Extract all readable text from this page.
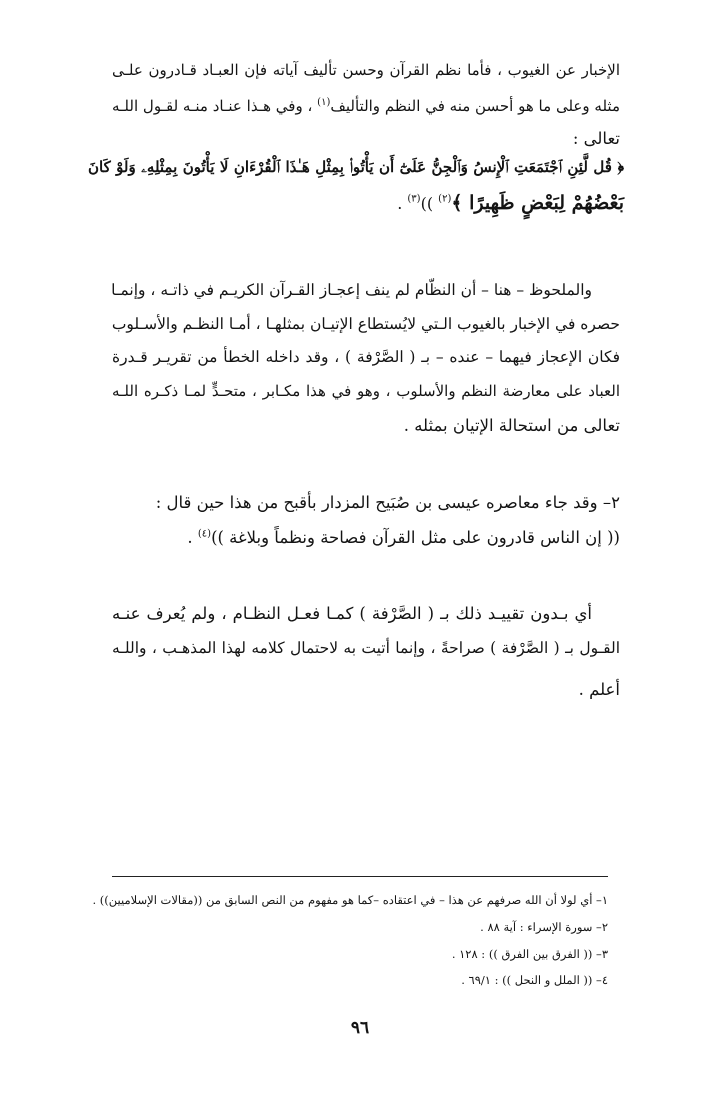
الإخبار عن الغيوب ، فأما نظم القرآن وحسن تأليف آياته فإن العبـاد قـادرون علـى
مثله وعلى ما هو أحسن منه في النظم والتأليف$^{(١)}$ ، وفي هـذا عنـاد منـه لقـول اللـه
تعالى :
﴿ قُل لَّئِنِ ٱجْتَمَعَتِ ٱلْإِنسُ وَٱلْجِنُّ عَلَىٰٓ أَن يَأْتُوا۟ بِمِثْلِ هَـٰذَا ٱلْقُرْءَانِ لَا يَأْتُونَ بِمِثْلِهِۦ وَلَوْ كَانَ
بَعْضُهُمْ لِبَعْضٍ ظَهِيرًا ﴾$^{(٢)}$ ))$^{(٣)}$ .
والملحوظ – هنا – أن النظّام لم ينف إعجـاز القـرآن الكريـم في ذاتـه ، وإنمـا
حصره في الإخبار بالغيوب الـتي لايُستطاع الإتيـان بمثلهـا ، أمـا النظـم والأسـلوب
فكان الإعجاز فيهما – عنده – بـ ( الصَّرْفة ) ، وقد داخله الخطأ من تقريـر قـدرة
العباد على معارضة النظم والأسلوب ، وهو في هذا مكـابر ، متحـدٍّ لمـا ذكـره اللـه
تعالى من استحالة الإتيان بمثله .
٢– وقد جاء معاصره عيسى بن صُبَيح المزدار بأقبح من هذا حين قال :
(( إن الناس قادرون على مثل القرآن فصاحة ونظماً وبلاغة ))$^{(٤)}$ .
أي بـدون تقييـد ذلك بـ ( الصَّرْفة ) كمـا فعـل النظـام ، ولم يُعرف عنـه
القـول بـ ( الصَّرْفة ) صراحةً ، وإنما أتيت به لاحتمال كلامه لهذا المذهـب ، واللـه
أعلم .
١– أي لولا أن الله صرفهم عن هذا – في اعتقاده –كما هو مفهوم من النص السابق من ((مقالات الإسلاميين)) .
٢– سورة الإسراء : آية ٨٨ .
٣– (( الفرق بين الفرق )) : ١٢٨ .
٤– (( الملل و النحل )) : ٦٩/١ .
٩٦
